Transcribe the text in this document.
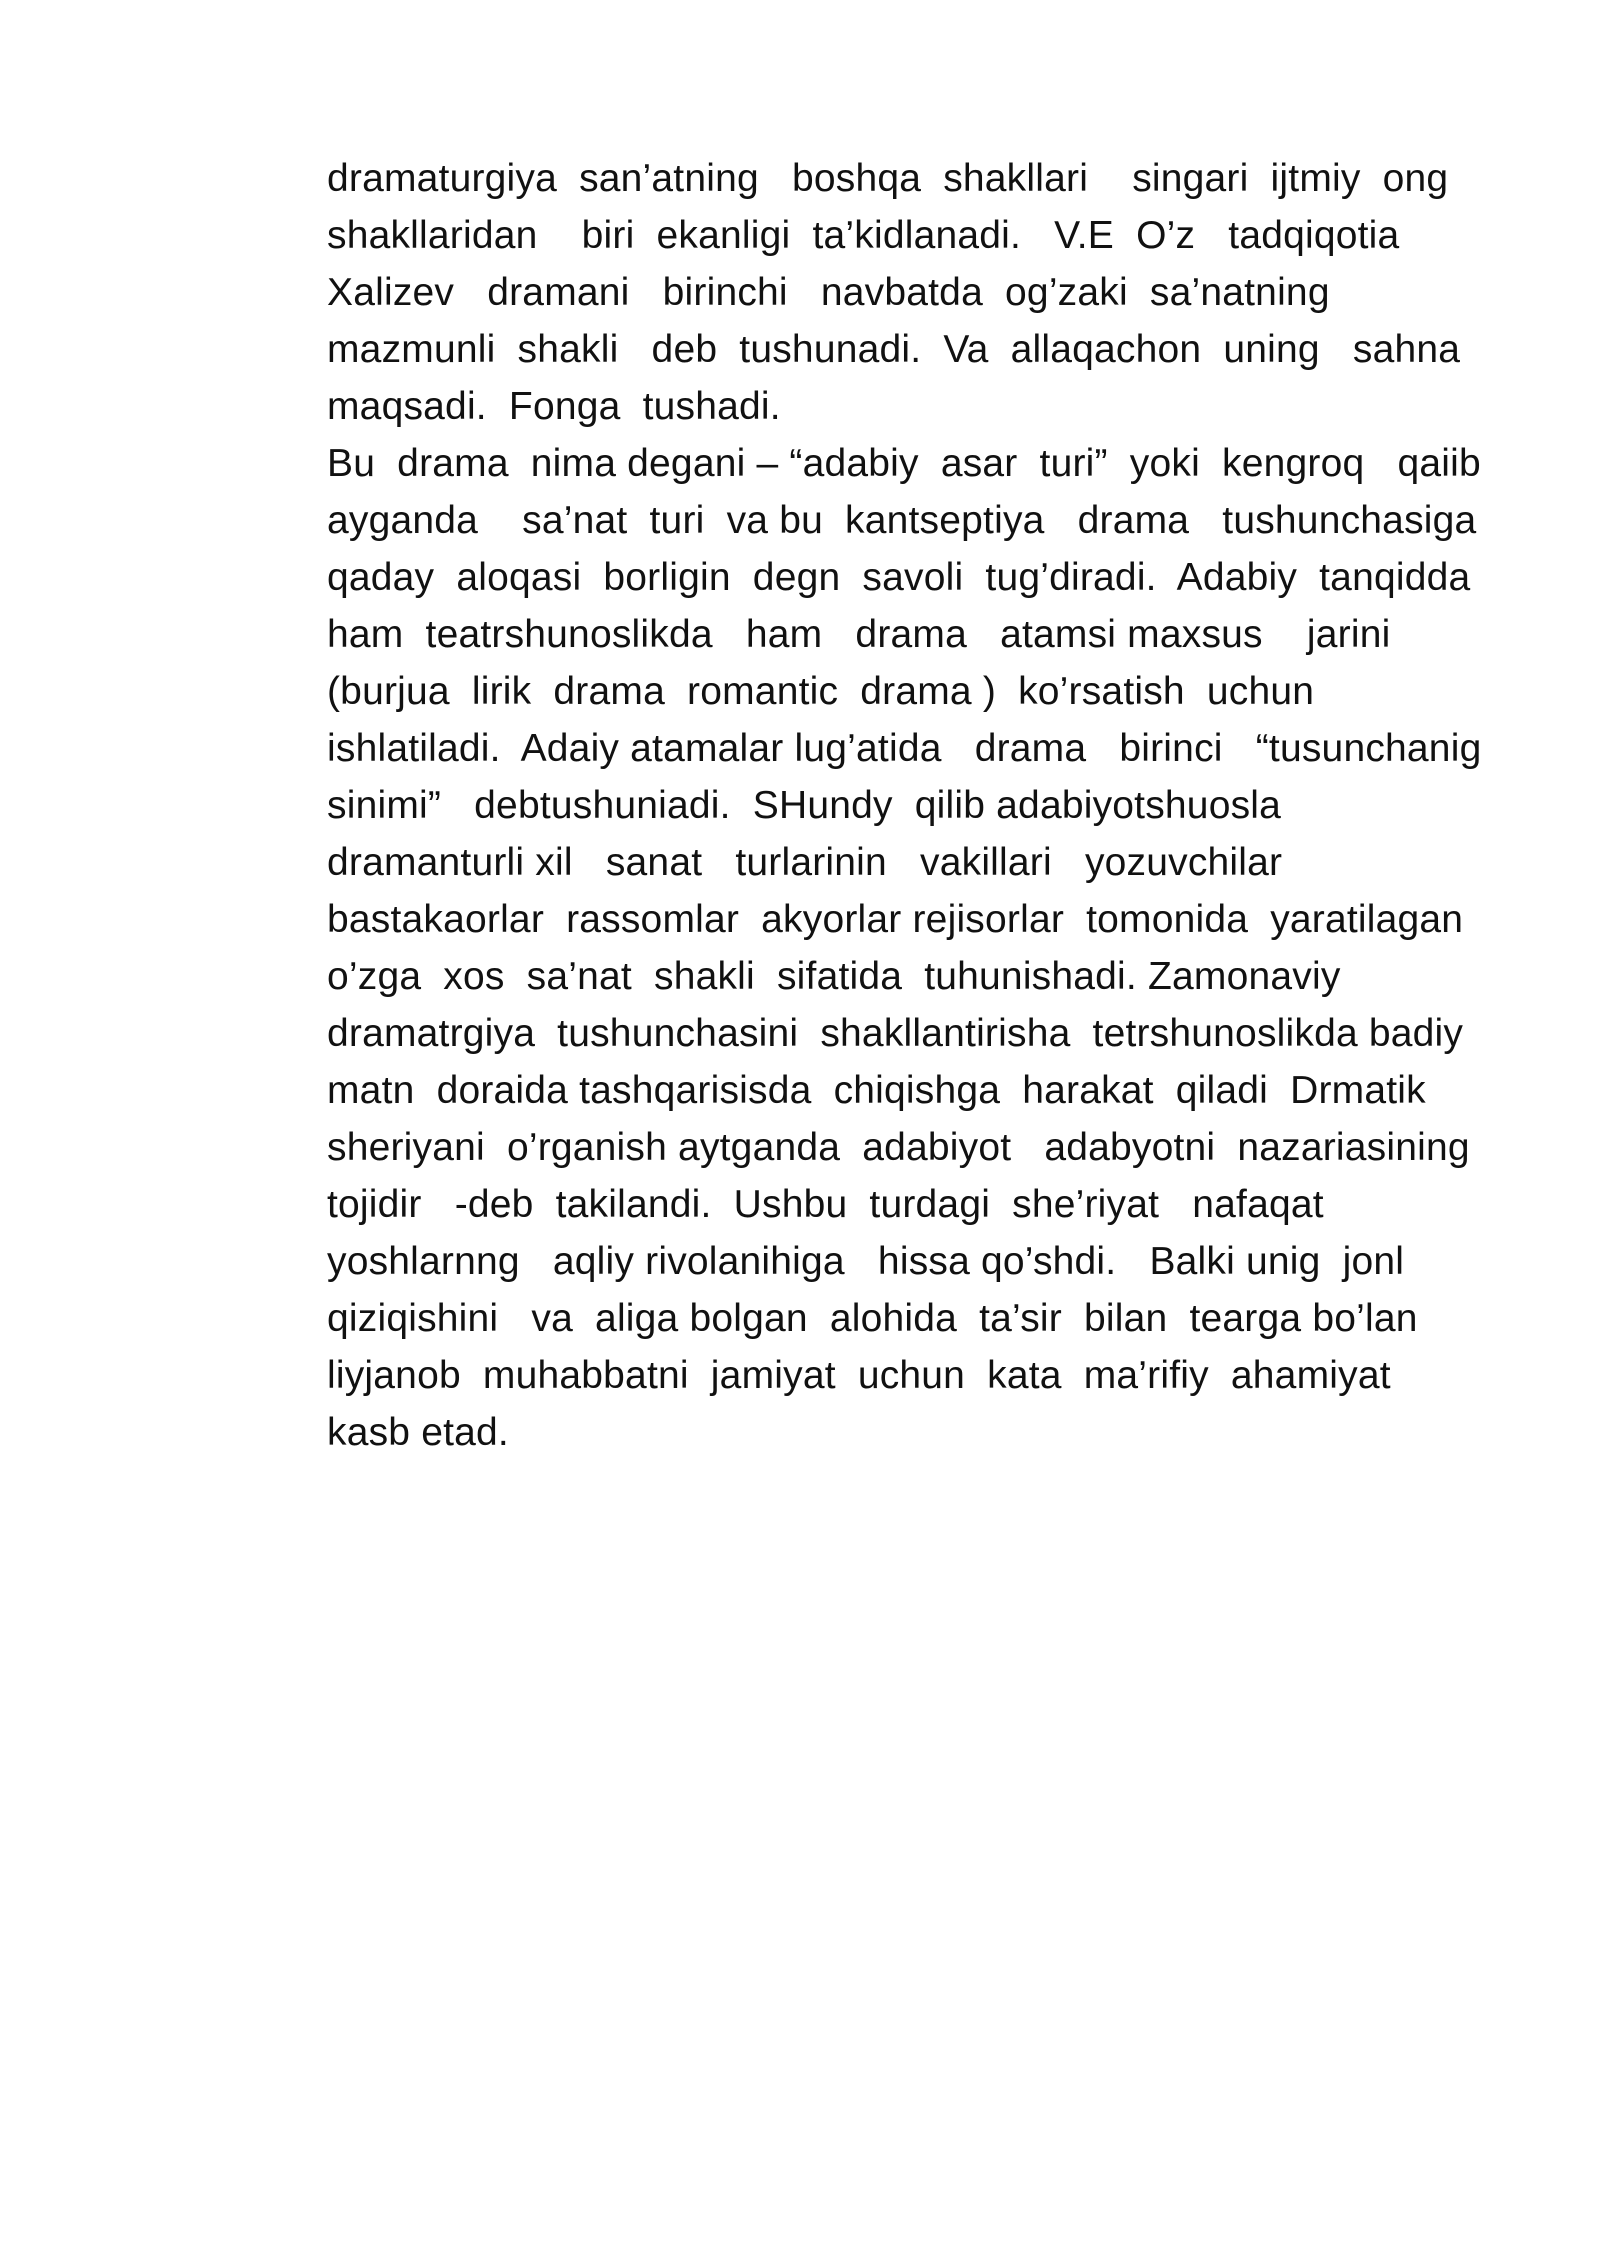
dramaturgiya  san’atning   boshqa  shakllari    singari  ijtmiy  ong
shakllaridan    biri  ekanligi  ta’kidlanadi.   V.E  O’z   tadqiqotia
Xalizev   dramani   birinchi   navbatda  og’zaki  sa’natning
mazmunli  shakli   deb  tushunadi.  Va  allaqachon  uning   sahna
maqsadi.  Fonga  tushadi.
Bu  drama  nima degani – “adabiy  asar  turi”  yoki  kengroq   qaiib
ayganda    sa’nat  turi  va bu  kantseptiya   drama   tushunchasiga
qaday  aloqasi  borligin  degn  savoli  tug’diradi.  Adabiy  tanqidda
ham  teatrshunoslikda   ham   drama   atamsi maxsus    jarini
(burjua  lirik  drama  romantic  drama )  ko’rsatish  uchun
ishlatiladi.  Adaiy atamalar lug’atida   drama   birinci   “tusunchanig
sinimi”   debtushuniadi.  SHundy  qilib adabiyotshuosla
dramanturli xil   sanat   turlarinin   vakillari   yozuvchilar
bastakaorlar  rassomlar  akyorlar rejisorlar  tomonida  yaratilagan
o’zga  xos  sa’nat  shakli  sifatida  tuhunishadi. Zamonaviy
dramatrgiya  tushunchasini  shakllantirisha  tetrshunoslikda badiy
matn  doraida tashqarisisda  chiqishga  harakat  qiladi  Drmatik
sheriyani  o’rganish aytganda  adabiyot   adabyotni  nazariasining
tojidir   -deb  takilandi.  Ushbu  turdagi  she’riyat   nafaqat
yoshlarnng   aqliy rivolanihiga   hissa qo’shdi.   Balki unig  jonl
qiziqishini   va  aliga bolgan  alohida  ta’sir  bilan  tearga bo’lan
liyjanob  muhabbatni  jamiyat  uchun  kata  ma’rifiy  ahamiyat
kasb etad.
